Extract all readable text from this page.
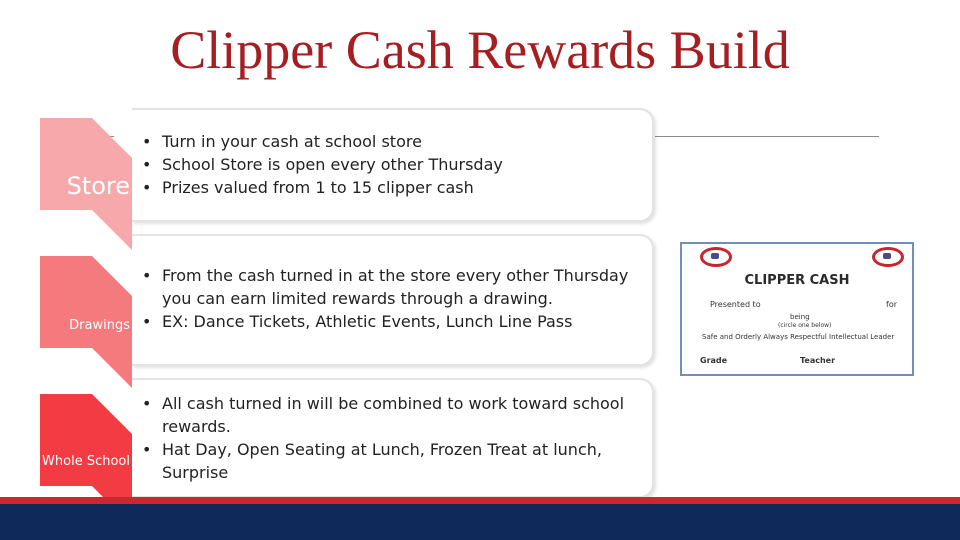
Clipper Cash Rewards Build
Store
• Turn in your cash at school store
• School Store is open every other Thursday
• Prizes valued from 1 to 15 clipper cash
Drawings
• From the cash turned in at the store every other Thursday you can earn limited rewards through a drawing.
• EX: Dance Tickets, Athletic Events, Lunch Line Pass
Whole School
• All cash turned in will be combined to work toward school rewards.
• Hat Day, Open Seating at Lunch, Frozen Treat at lunch, Surprise
CLIPPER CASH
Presented to	for
being
(circle one below)
Safe and Orderly Always Respectful Intellectual Leader
Grade	Teacher
